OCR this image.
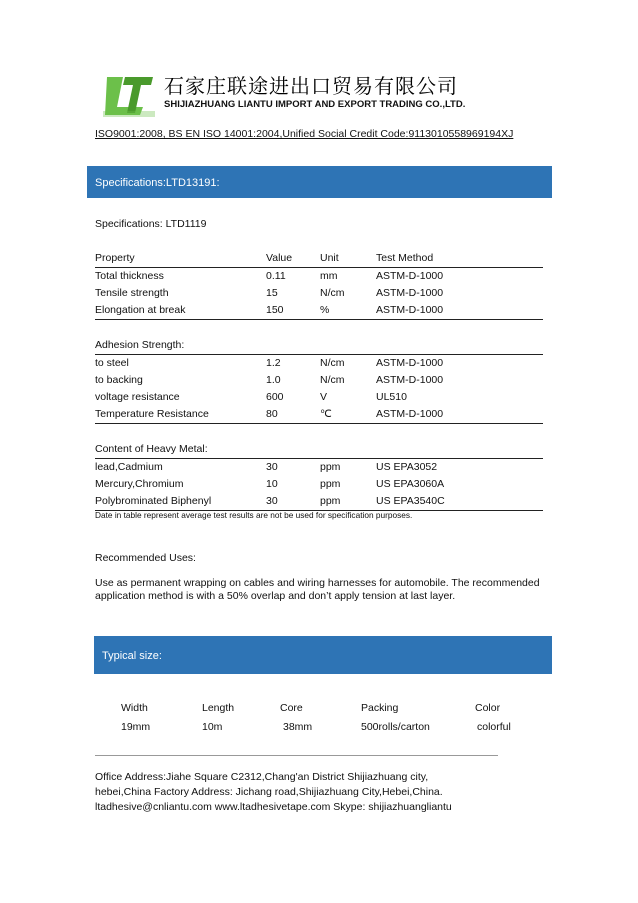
石家庄联途进出口贸易有限公司
SHIJIAZHUANG LIANTU IMPORT AND EXPORT TRADING CO.,LTD.
ISO9001:2008, BS EN ISO 14001:2004,Unified Social Credit Code:9113010558969194XJ
Specifications:LTD13191:
Specifications: LTD1119
Property	Value	Unit	Test Method
Total thickness	0.11	mm	ASTM-D-1000
Tensile strength	15	N/cm	ASTM-D-1000
Elongation at break	150	%	ASTM-D-1000
Adhesion Strength:
to steel	1.2	N/cm	ASTM-D-1000
to backing	1.0	N/cm	ASTM-D-1000
voltage resistance	600	V	UL510
Temperature Resistance	80	℃	ASTM-D-1000
Content of Heavy Metal:
lead,Cadmium	30	ppm	US EPA3052
Mercury,Chromium	10	ppm	US EPA3060A
Polybrominated Biphenyl	30	ppm	US EPA3540C
Date in table represent average test results are not be used for specification purposes.
Recommended Uses:
Use as permanent wrapping on cables and wiring harnesses for automobile. The recommended application method is with a 50% overlap and don’t apply tension at last layer.
Typical size:
Width	Length	Core	Packing	Color
19mm	10m	38mm	500rolls/carton	colorful
Office Address:Jiahe Square C2312,Chang'an District Shijiazhuang city,
hebei,China Factory Address: Jichang road,Shijiazhuang City,Hebei,China.
ltadhesive@cnliantu.com www.ltadhesivetape.com Skype: shijiazhuangliantu
